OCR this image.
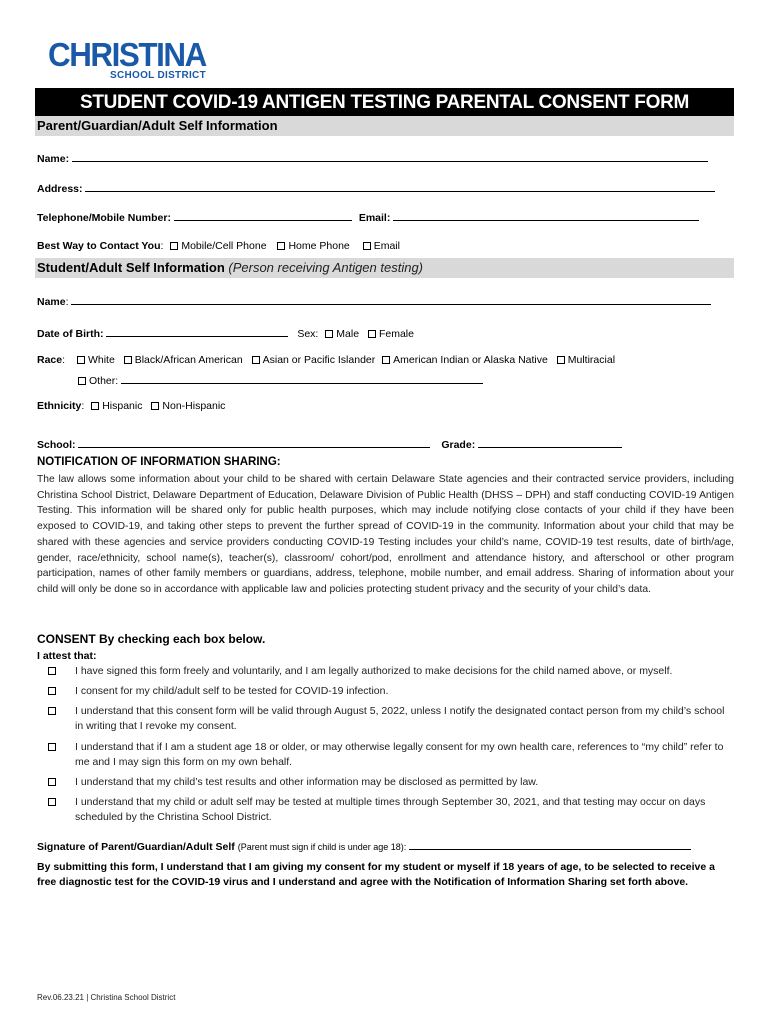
CHRISTINA
SCHOOL DISTRICT
STUDENT COVID-19 ANTIGEN TESTING PARENTAL CONSENT FORM
Parent/Guardian/Adult Self Information
Name:
Address:
Telephone/Mobile Number:	Email:
Best Way to Contact You: Mobile/Cell Phone Home Phone Email
Student/Adult Self Information (Person receiving Antigen testing)
Name:
Date of Birth:	Sex: Male Female
Race: White Black/African American Asian or Pacific Islander American Indian or Alaska Native Multiracial
Other:
Ethnicity: Hispanic Non-Hispanic
School:	Grade:
NOTIFICATION OF INFORMATION SHARING:
The law allows some information about your child to be shared with certain Delaware State agencies and their contracted service providers, including Christina School District, Delaware Department of Education, Delaware Division of Public Health (DHSS – DPH) and staff conducting COVID-19 Antigen Testing. This information will be shared only for public health purposes, which may include notifying close contacts of your child if they have been exposed to COVID-19, and taking other steps to prevent the further spread of COVID-19 in the community. Information about your child that may be shared with these agencies and service providers conducting COVID-19 Testing includes your child’s name, COVID-19 test results, date of birth/age, gender, race/ethnicity, school name(s), teacher(s), classroom/ cohort/pod, enrollment and attendance history, and afterschool or other program participation, names of other family members or guardians, address, telephone, mobile number, and email address. Sharing of information about your child will only be done so in accordance with applicable law and policies protecting student privacy and the security of your child’s data.
CONSENT By checking each box below.
I attest that:
I have signed this form freely and voluntarily, and I am legally authorized to make decisions for the child named above, or myself.
I consent for my child/adult self to be tested for COVID-19 infection.
I understand that this consent form will be valid through August 5, 2022, unless I notify the designated contact person from my child’s school in writing that I revoke my consent.
I understand that if I am a student age 18 or older, or may otherwise legally consent for my own health care, references to “my child” refer to me and I may sign this form on my own behalf.
I understand that my child’s test results and other information may be disclosed as permitted by law.
I understand that my child or adult self may be tested at multiple times through September 30, 2021, and that testing may occur on days scheduled by the Christina School District.
Signature of Parent/Guardian/Adult Self (Parent must sign if child is under age 18):
By submitting this form, I understand that I am giving my consent for my student or myself if 18 years of age, to be selected to receive a free diagnostic test for the COVID-19 virus and I understand and agree with the Notification of Information Sharing set forth above.
Rev.06.23.21 | Christina School District
